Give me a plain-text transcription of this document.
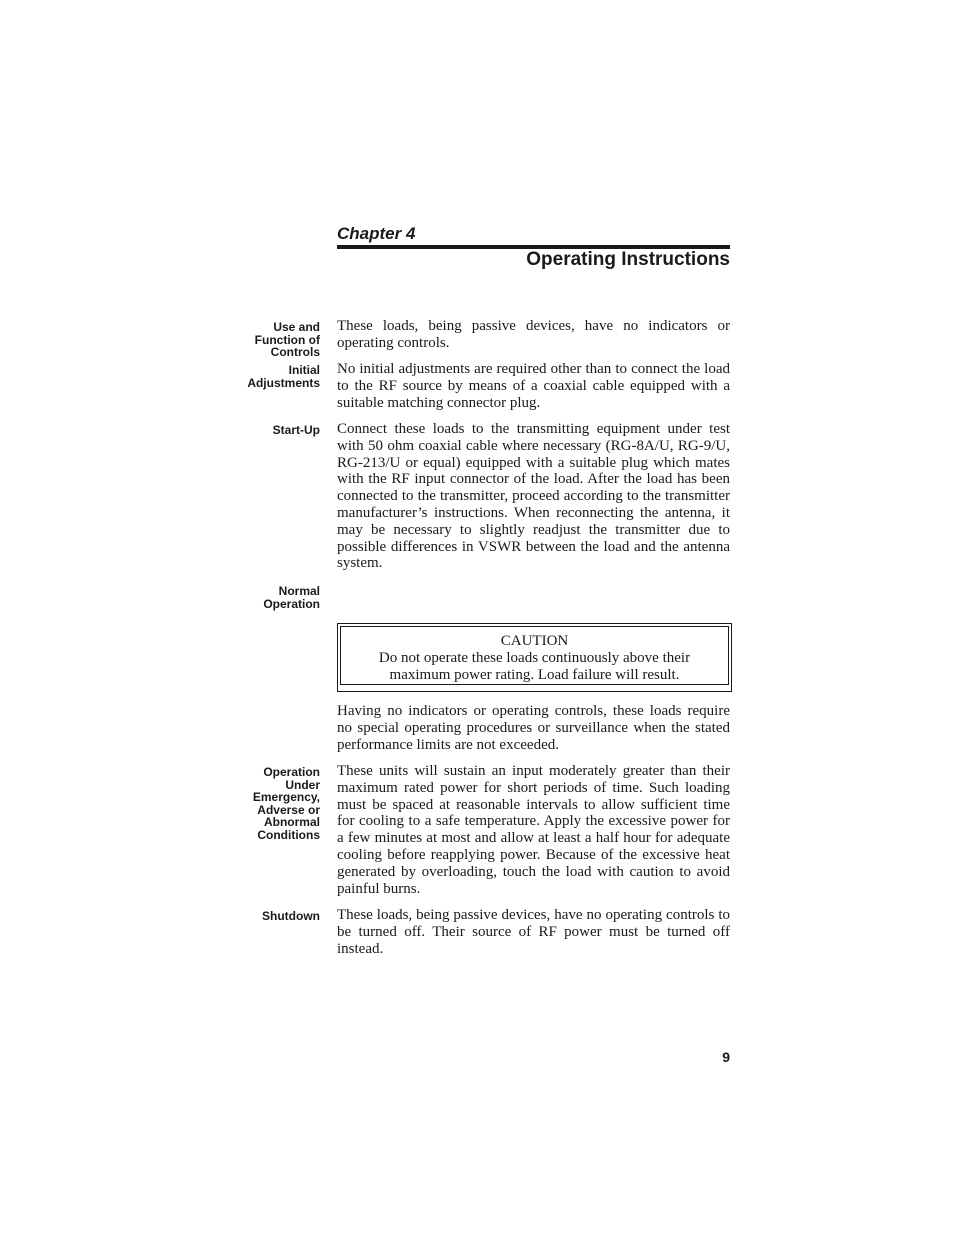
Chapter 4
Operating Instructions
Use and
Function of
Controls
These loads, being passive devices, have no indicators or operating controls.
Initial
Adjustments
No initial adjustments are required other than to connect the load to the RF source by means of a coaxial cable equipped with a suitable matching connector plug.
Start-Up Connect these loads to the transmitting equipment under test with 50 ohm coaxial cable where necessary (RG-8A/U, RG-9/U, RG-213/U or equal) equipped with a suitable plug which mates with the RF input connector of the load. After the load has been connected to the transmitter, proceed according to the transmitter manufacturer’s instructions. When reconnecting the antenna, it may be necessary to slightly readjust the transmitter due to possible differences in VSWR between the load and the antenna system.
Normal
Operation
CAUTION
Do not operate these loads continuously above their
maximum power rating. Load failure will result.
Having no indicators or operating controls, these loads require no special operating procedures or surveillance when the stated performance limits are not exceeded.
Operation
Under
Emergency,
Adverse or
Abnormal
Conditions
These units will sustain an input moderately greater than their maximum rated power for short periods of time. Such loading must be spaced at reasonable intervals to allow sufficient time for cooling to a safe temperature. Apply the excessive power for a few minutes at most and allow at least a half hour for adequate cooling before reapplying power. Because of the excessive heat generated by overloading, touch the load with caution to avoid painful burns.
Shutdown These loads, being passive devices, have no operating controls to be turned off. Their source of RF power must be turned off instead.
9
